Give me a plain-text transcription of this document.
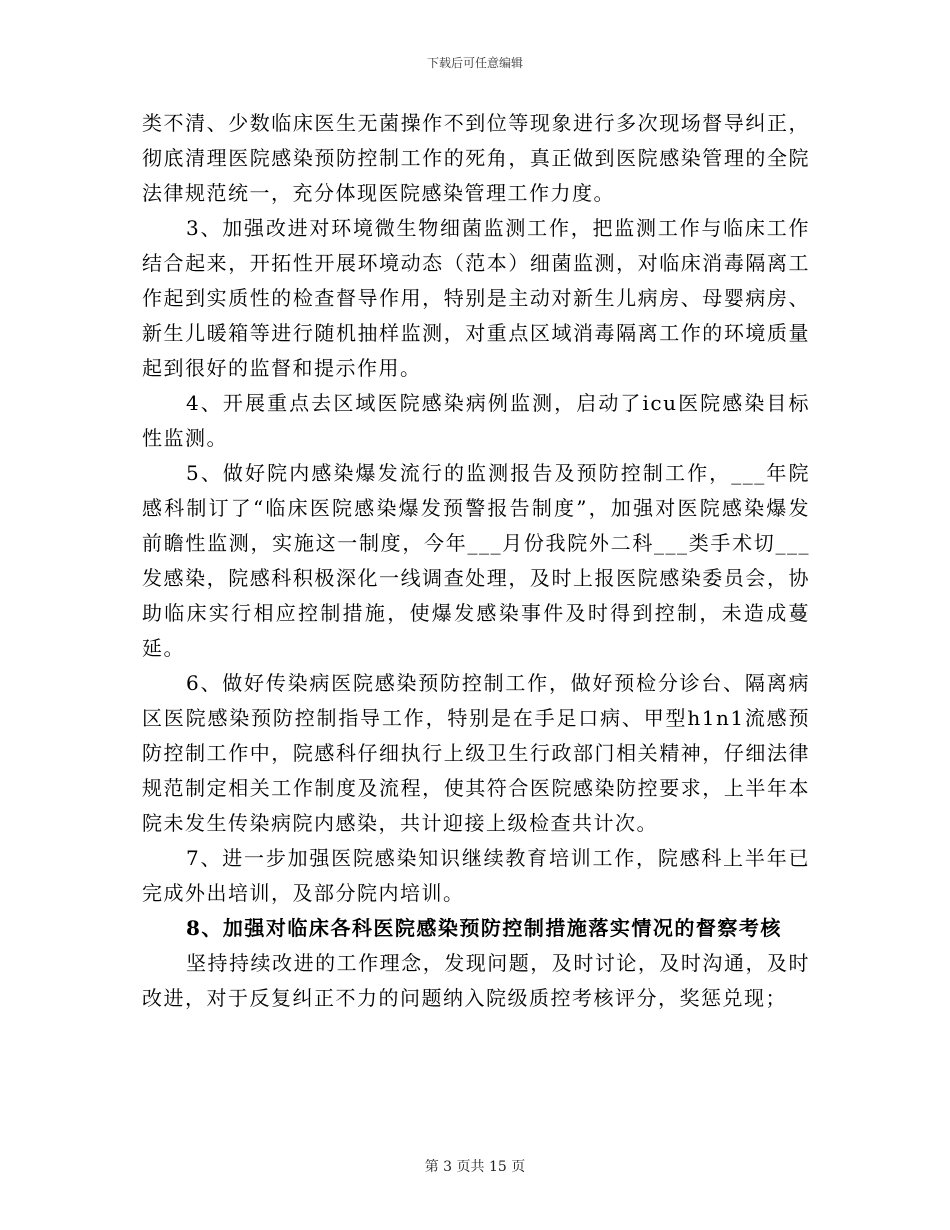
下载后可任意编辑

类不清、少数临床医生无菌操作不到位等现象进行多次现场督导纠正，彻底清理医院感染预防控制工作的死角，真正做到医院感染管理的全院法律规范统一，充分体现医院感染管理工作力度。

3、加强改进对环境微生物细菌监测工作，把监测工作与临床工作结合起来，开拓性开展环境动态（范本）细菌监测，对临床消毒隔离工作起到实质性的检查督导作用，特别是主动对新生儿病房、母婴病房、新生儿暖箱等进行随机抽样监测，对重点区域消毒隔离工作的环境质量起到很好的监督和提示作用。

4、开展重点去区域医院感染病例监测，启动了icu医院感染目标性监测。

5、做好院内感染爆发流行的监测报告及预防控制工作，___年院感科制订了“临床医院感染爆发预警报告制度”，加强对医院感染爆发前瞻性监测，实施这一制度，今年___月份我院外二科___类手术切___发感染，院感科积极深化一线调查处理，及时上报医院感染委员会，协助临床实行相应控制措施，使爆发感染事件及时得到控制，未造成蔓延。

6、做好传染病医院感染预防控制工作，做好预检分诊台、隔离病区医院感染预防控制指导工作，特别是在手足口病、甲型h1n1流感预防控制工作中，院感科仔细执行上级卫生行政部门相关精神，仔细法律规范制定相关工作制度及流程，使其符合医院感染防控要求，上半年本院未发生传染病院内感染，共计迎接上级检查共计次。

7、进一步加强医院感染知识继续教育培训工作，院感科上半年已完成外出培训，及部分院内培训。

8、加强对临床各科医院感染预防控制措施落实情况的督察考核

坚持持续改进的工作理念，发现问题，及时讨论，及时沟通，及时改进，对于反复纠正不力的问题纳入院级质控考核评分，奖惩兑现；

第 3 页共 15 页
